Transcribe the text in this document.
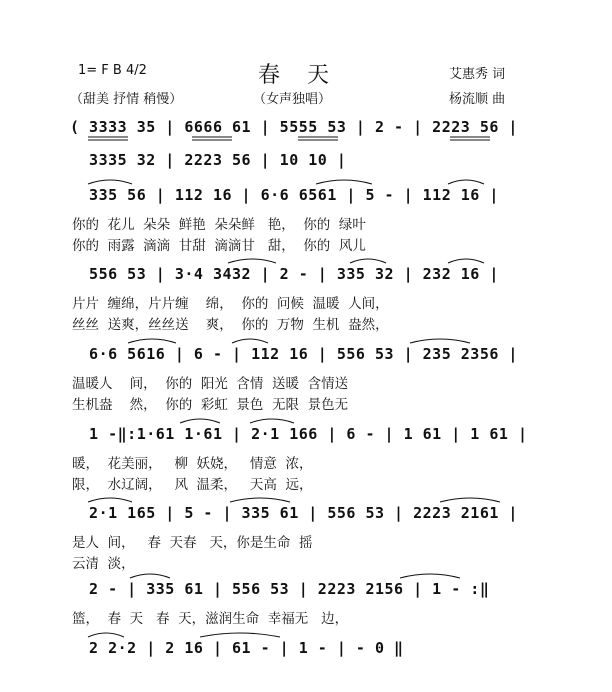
1= F B 4/2
（甜美 抒情 稍慢）
春 天
（女声独唱）
艾惠秀 词
杨流顺 曲
( 3333 35 | 6666 61 | 5555 53 | 2 - | 2223 56 |
3335 32 | 2223 56 | 10 10 |
335 56 | 112 16 | 6·6 6561 | 5 - | 112 16 |
你的  花儿  朵朵  鲜艳  朵朵鲜   艳，  你的  绿叶
你的  雨露  滴滴  甘甜  滴滴甘   甜，  你的  风儿
556 53 | 3·4 3432 | 2 - | 335 32 | 232 16 |
片片  缠绵，片片缠    绵，  你的  问候  温暖  人间，
丝丝  送爽，丝丝送    爽，  你的  万物  生机  盎然，
6·6 5616 | 6 - | 112 16 | 556 53 | 235 2356 |
温暖人    间，  你的  阳光  含情  送暖  含情送
生机盎    然，  你的  彩虹  景色  无限  景色无
1 -‖:1·61 1·61 | 2·1 166 | 6 - | 1 61 | 1 61 |
暖，  花美丽，   柳  妖娆，   情意  浓，
限，  水辽阔，   风  温柔，   天高  远，
2·1 165 | 5 - | 335 61 | 556 53 | 2223 2161 |
是人  间，   春  天春   天，你是生命  摇
云清  淡，
2 - | 335 61 | 556 53 | 2223 2156 | 1 - :‖
篮，  春  天   春  天，滋润生命  幸福无   边，
2 2·2 | 2 16 | 61 - | 1 - | - 0 ‖
